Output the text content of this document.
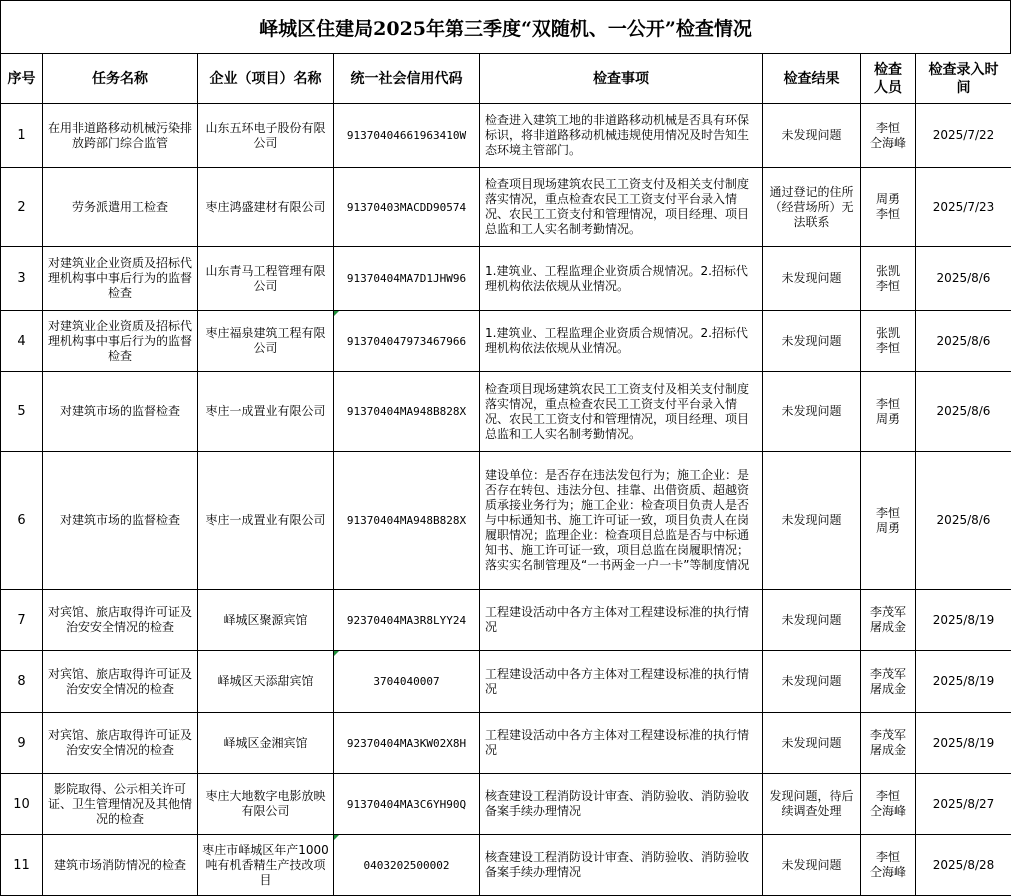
峄城区住建局2025年第三季度“双随机、一公开”检查情况
序号	任务名称	企业（项目）名称	统一社会信用代码	检查事项	检查结果	检查
人员	检查录入时
间

1	在用非道路移动机械污染排放跨部门综合监管	山东五环电子股份有限公司	913704046619634​10W	检查进入建筑工地的非道路移动机械是否具有环保标识，将非道路移动机械违规使用情况及时告知生态环境主管部门。	未发现问题	李恒
仝海峰	2025/7/22
2	劳务派遣用工检查	枣庄鸿盛建材有限公司	91370403MACDD90574	检查项目现场建筑农民工工资支付及相关支付制度落实情况，重点检查农民工工资支付平台录入情况、农民工工资支付和管理情况，项目经理、项目总监和工人实名制考勤情况。	通过登记的住所（经营场所）无法联系	周勇
李恒	2025/7/23
3	对建筑业企业资质及招标代理机构事中事后行为的监督检查	山东青马工程管理有限公司	91370404MA7D1JHW96	1.建筑业、工程监理企业资质合规情况。2.招标代理机构依法依规从业情况。	未发现问题	张凯
李恒	2025/8/6
4	对建筑业企业资质及招标代理机构事中事后行为的监督检查	枣庄福泉建筑工程有限公司	913704047973467966	1.建筑业、工程监理企业资质合规情况。2.招标代理机构依法依规从业情况。	未发现问题	张凯
李恒	2025/8/6
5	对建筑市场的监督检查	枣庄一成置业有限公司	91370404MA948B828X	检查项目现场建筑农民工工资支付及相关支付制度落实情况，重点检查农民工工资支付平台录入情况、农民工工资支付和管理情况，项目经理、项目总监和工人实名制考勤情况。	未发现问题	李恒
周勇	2025/8/6
6	对建筑市场的监督检查	枣庄一成置业有限公司	91370404MA948B828X	建设单位：是否存在违法发包行为；施工企业：是否存在转包、违法分包、挂靠、出借资质、超越资质承接业务行为；施工企业：检查项目负责人是否与中标通知书、施工许可证一致，项目负责人在岗履职情况；监理企业：检查项目总监是否与中标通知书、施工许可证一致，项目总监在岗履职情况；落实实名制管理及“一书两金一户一卡”等制度情况	未发现问题	李恒
周勇	2025/8/6
7	对宾馆、旅店取得许可证及治安安全情况的检查	峄城区聚源宾馆	92370404MA3R8LYY24	工程建设活动中各方主体对工程建设标准的执行情况	未发现问题	李茂军
屠成金	2025/8/19
8	对宾馆、旅店取得许可证及治安安全情况的检查	峄城区天添甜宾馆	3704040007	工程建设活动中各方主体对工程建设标准的执行情况	未发现问题	李茂军
屠成金	2025/8/19
9	对宾馆、旅店取得许可证及治安安全情况的检查	峄城区金湘宾馆	92370404MA3KW02X8H	工程建设活动中各方主体对工程建设标准的执行情况	未发现问题	李茂军
屠成金	2025/8/19
10	影院取得、公示相关许可证、卫生管理情况及其他情况的检查	枣庄大地数字电影放映有限公司	91370404MA3C6YH90Q	核查建设工程消防设计审查、消防验收、消防验收备案手续办理情况	发现问题，待后续调查处理	李恒
仝海峰	2025/8/27
11	建筑市场消防情况的检查	枣庄市峄城区年产1000吨有机香精生产技改项目	0403202500002	核查建设工程消防设计审查、消防验收、消防验收备案手续办理情况	未发现问题	李恒
仝海峰	2025/8/28
